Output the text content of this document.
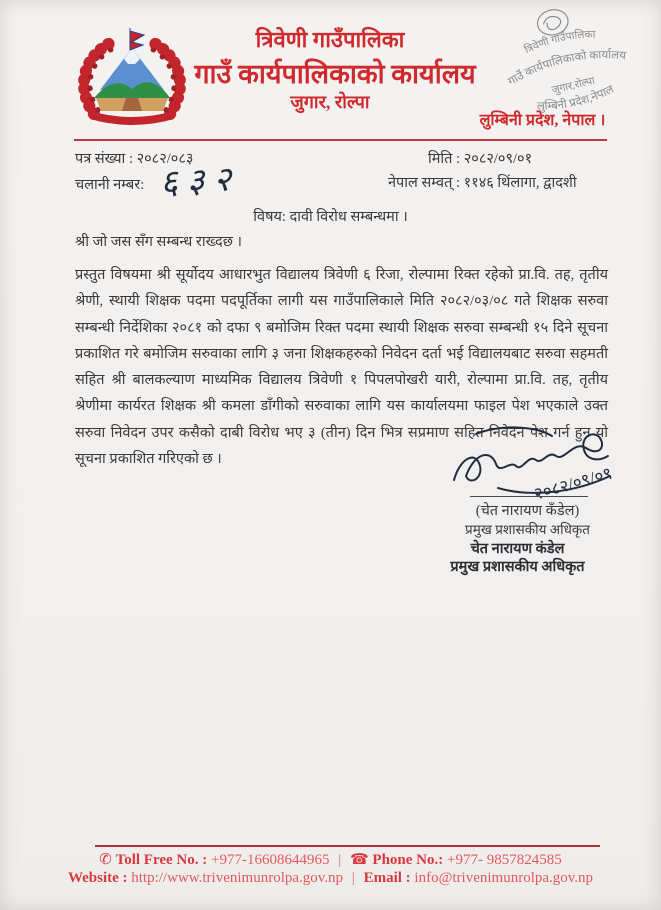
त्रिवेणी गाउँपालिका
गाउँ कार्यपालिकाको कार्यालय
जुगार, रोल्पा
त्रिवेणी गाउँपालिका
गाउँ कार्यपालिकाको कार्यालय
जुगार,रोल्पा
लुम्बिनी प्रदेश,नेपाल
लुम्बिनी प्रदेश, नेपाल ।
पत्र संख्या : २०८२/०८३	मिति : २०८२/०९/०१
चलानी नम्बर: ६३२	नेपाल सम्वत् : ११४६ थिंलागा, द्वादशी
विषय: दावी विरोध सम्बन्धमा ।
श्री जो जस सँग सम्बन्ध राख्दछ ।
प्रस्तुत विषयमा श्री सूर्योदय आधारभुत विद्यालय त्रिवेणी ६ रिजा, रोल्पामा रिक्त रहेको प्रा.वि. तह, तृतीय श्रेणी, स्थायी शिक्षक पदमा पदपूर्तिका लागी यस गाउँपालिकाले मिति २०८२/०३/०८ गते शिक्षक सरुवा सम्बन्धी निर्देशिका २०८१ को दफा ९ बमोजिम रिक्त पदमा स्थायी शिक्षक सरुवा सम्बन्धी १५ दिने सूचना प्रकाशित गरे बमोजिम सरुवाका लागि ३ जना शिक्षकहरुको निवेदन दर्ता भई विद्यालयबाट सरुवा सहमती सहित श्री बालकल्याण माध्यमिक विद्यालय त्रिवेणी १ पिपलपोखरी यारी, रोल्पामा प्रा.वि. तह, तृतीय श्रेणीमा कार्यरत शिक्षक श्री कमला डाँगीको सरुवाका लागि यस कार्यालयमा फाइल पेश भएकाले उक्त सरुवा निवेदन उपर कसैको दाबी विरोध भए ३ (तीन) दिन भित्र सप्रमाण सहित निवेदन पेश गर्न हुन यो सूचना प्रकाशित गरिएको छ ।
२०८२/०९/०९
(चेत नारायण कँडेल)
प्रमुख प्रशासकीय अधिकृत
चेत नारायण कंडेल
प्रमुख प्रशासकीय अधिकृत
✆ Toll Free No. : +977-16608644965 | ☎ Phone No.: +977- 9857824585
Website : http://www.trivenimunrolpa.gov.np | Email : info@trivenimunrolpa.gov.np
